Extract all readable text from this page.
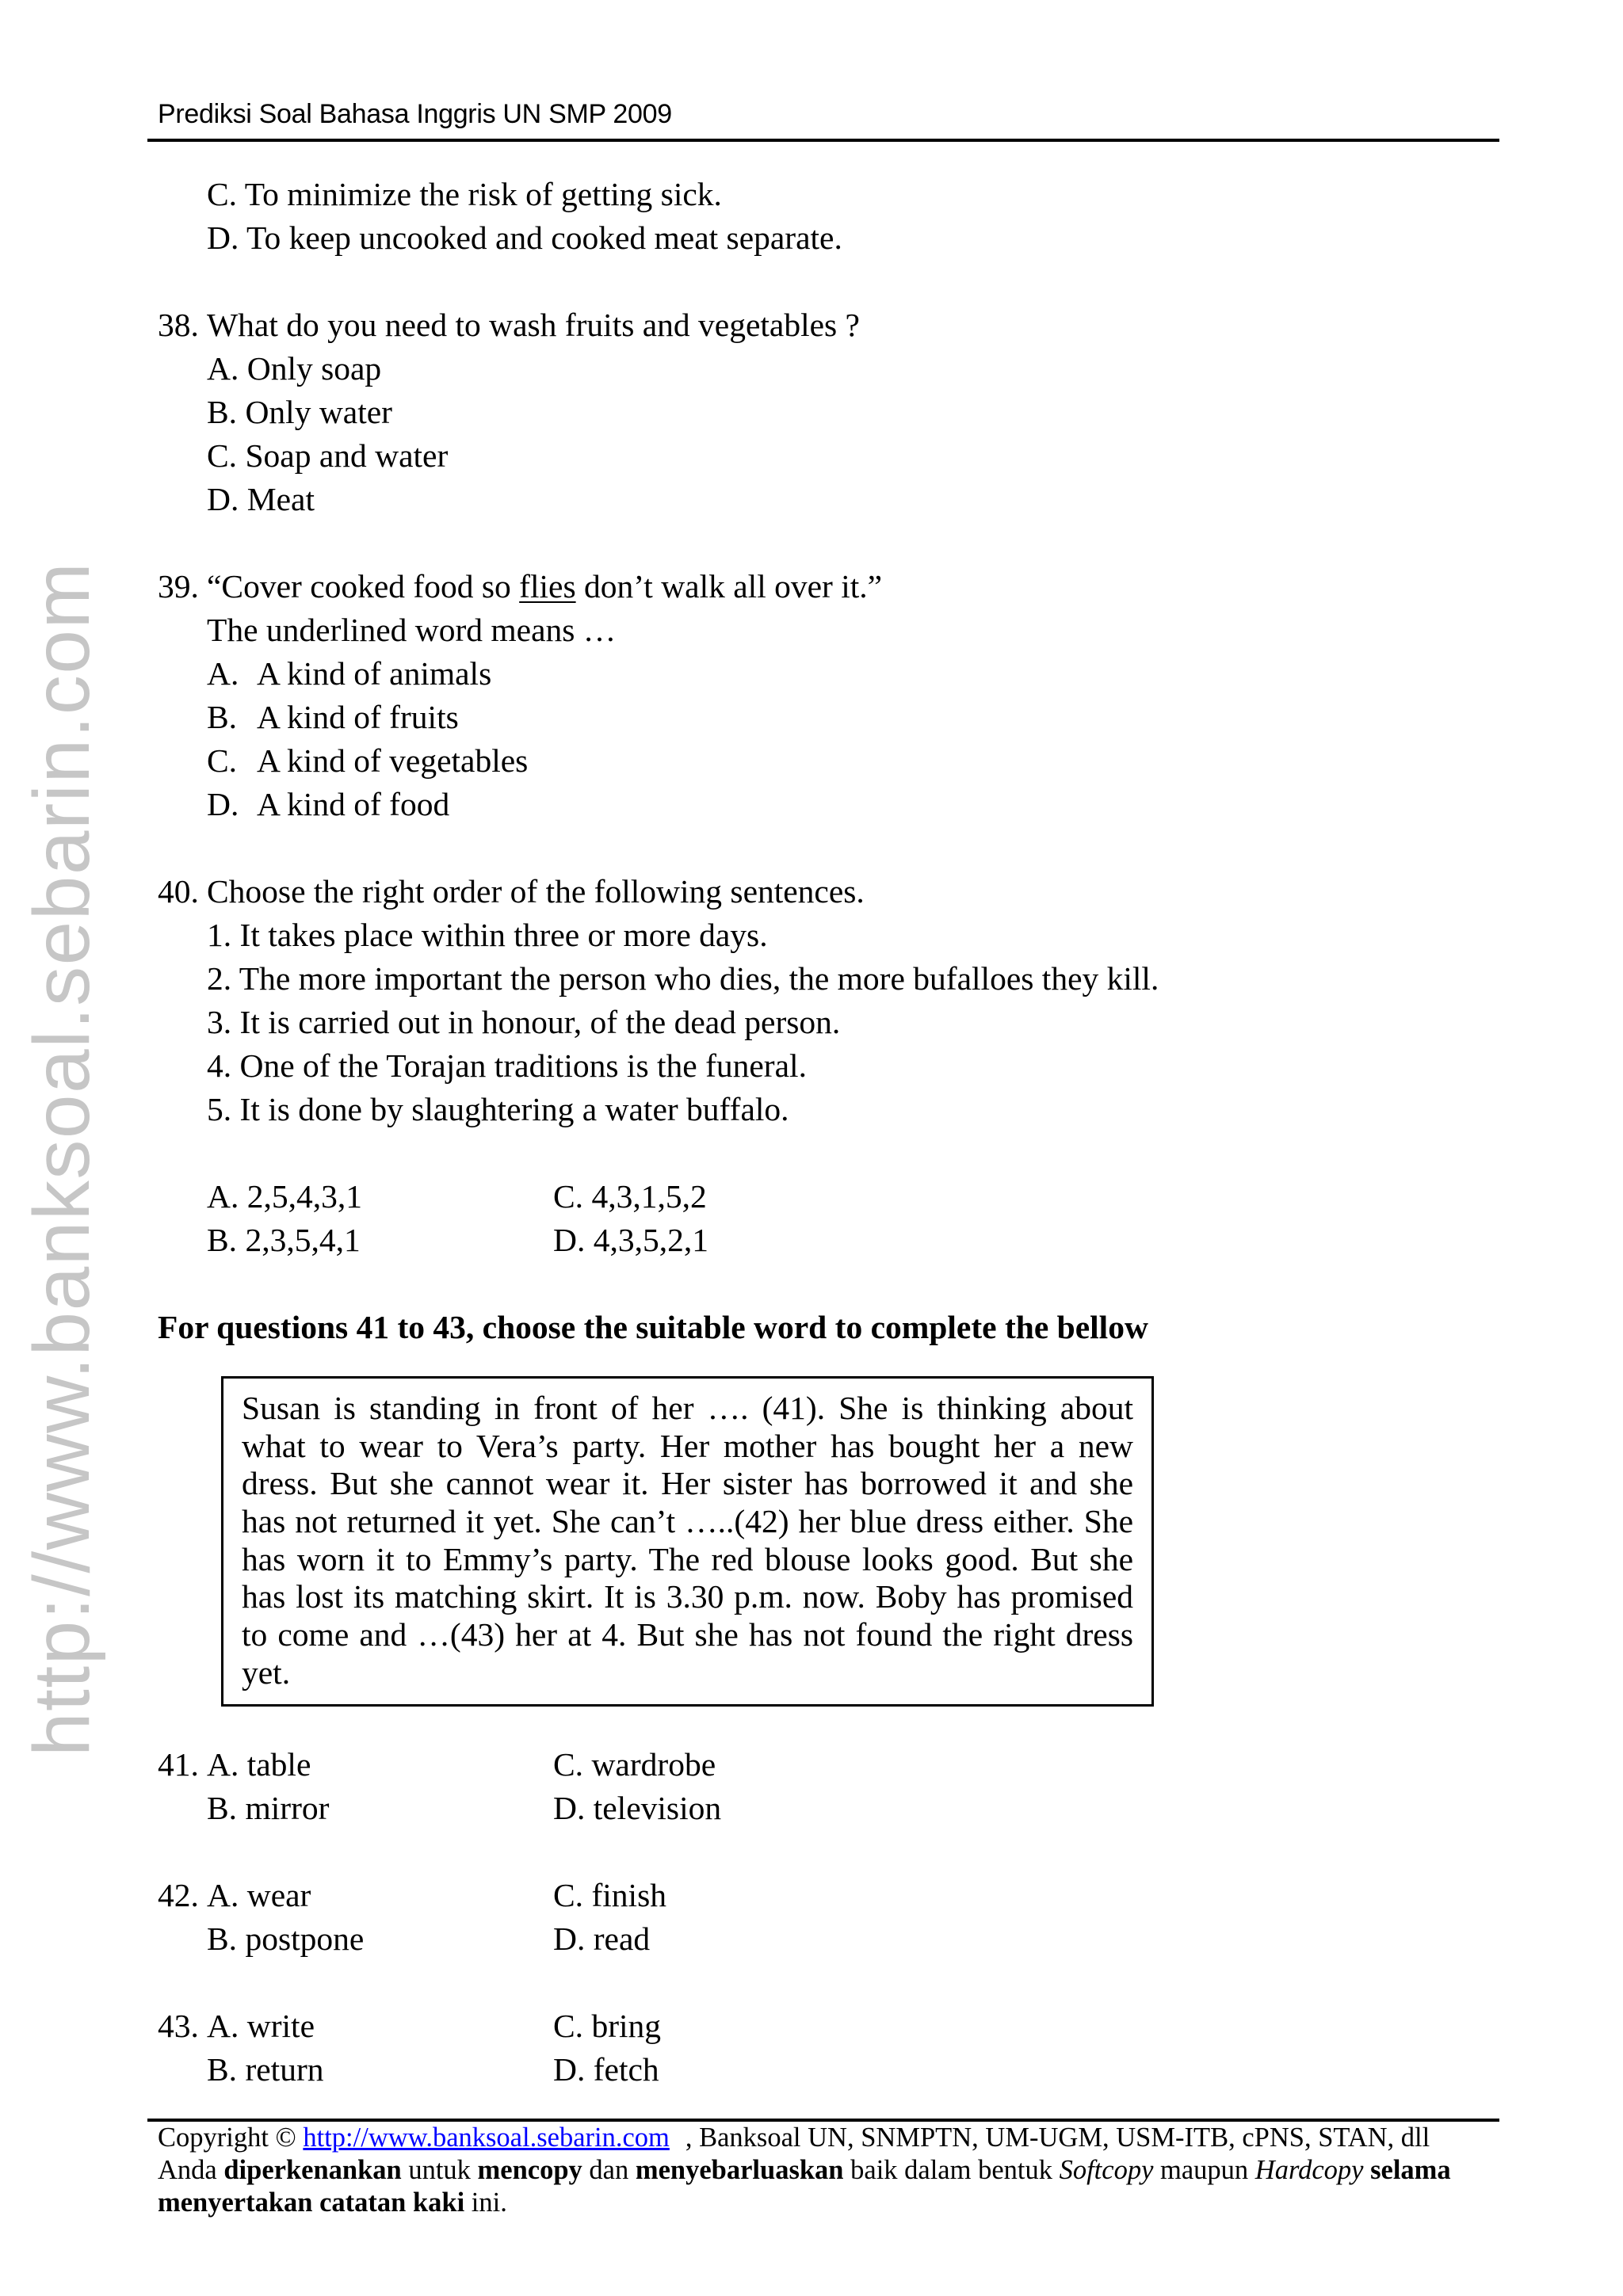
Prediksi Soal Bahasa Inggris UN SMP 2009
http://www.banksoal.sebarin.com
C. To minimize the risk of getting sick.
D. To keep uncooked and cooked meat separate.
38. What do you need to wash fruits and vegetables ?
A. Only soap
B. Only water
C. Soap and water
D. Meat
39. “Cover cooked food so flies don’t walk all over it.”
The underlined word means …
A. A kind of animals
B. A kind of fruits
C. A kind of vegetables
D. A kind of food
40. Choose the right order of the following sentences.
1. It takes place within three or more days.
2. The more important the person who dies, the more bufalloes they kill.
3. It is carried out in honour, of the dead person.
4. One of the Torajan traditions is the funeral.
5. It is done by slaughtering a water buffalo.
A. 2,5,4,3,1	C. 4,3,1,5,2
B. 2,3,5,4,1	D. 4,3,5,2,1
For questions 41 to 43, choose the suitable word to complete the bellow
Susan is standing in front of her …. (41). She is thinking about
what to wear to Vera’s party. Her mother has bought her a new
dress. But she cannot wear it. Her sister has borrowed it and she
has not returned it yet. She can’t …..(42) her blue dress either. She
has worn it to Emmy’s party. The red blouse looks good. But she
has lost its matching skirt. It is 3.30 p.m. now. Boby has promised
to come and …(43) her at 4. But she has not found the right dress
yet.
41. A. table	C. wardrobe
B. mirror	D. television
42. A. wear	C. finish
B. postpone	D. read
43. A. write	C. bring
B. return	D. fetch
Copyright © http://www.banksoal.sebarin.com , Banksoal UN, SNMPTN, UM-UGM, USM-ITB, cPNS, STAN, dll
Anda diperkenankan untuk mencopy dan menyebarluaskan baik dalam bentuk Softcopy maupun Hardcopy selama
menyertakan catatan kaki ini.
